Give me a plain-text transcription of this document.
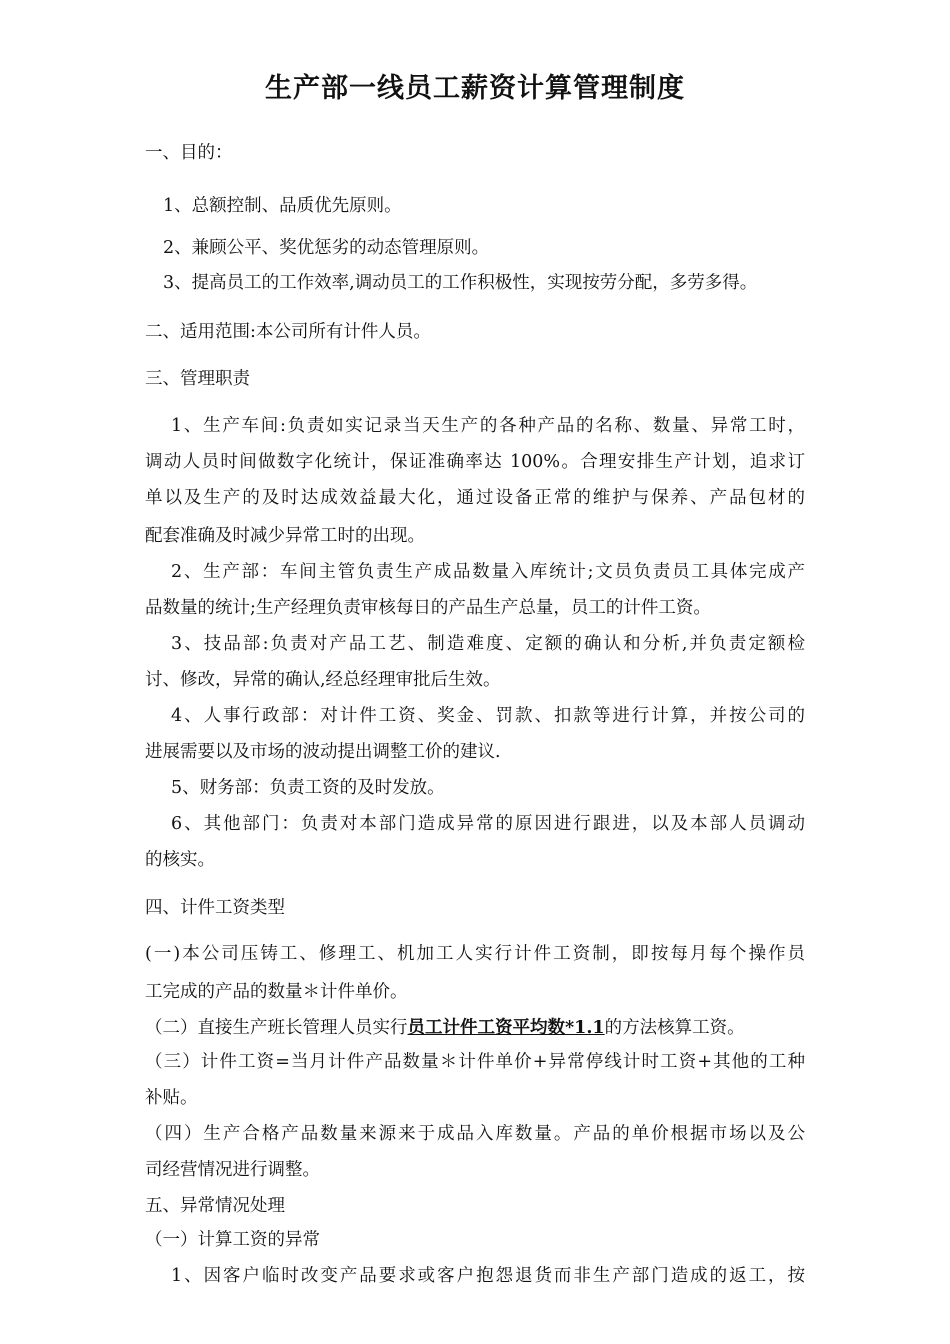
生产部一线员工薪资计算管理制度
一、目的：
1、总额控制、品质优先原则。
2、兼顾公平、奖优惩劣的动态管理原则。
3、提高员工的工作效率,调动员工的工作积极性，实现按劳分配，多劳多得。
二、适用范围:本公司所有计件人员。
三、管理职责
1、生产车间:负责如实记录当天生产的各种产品的名称、数量、异常工时，
调动人员时间做数字化统计，保证准确率达 100%。合理安排生产计划，追求订
单以及生产的及时达成效益最大化，通过设备正常的维护与保养、产品包材的
配套准确及时减少异常工时的出现。
2、生产部：车间主管负责生产成品数量入库统计;文员负责员工具体完成产
品数量的统计;生产经理负责审核每日的产品生产总量，员工的计件工资。
3、技品部:负责对产品工艺、制造难度、定额的确认和分析,并负责定额检
讨、修改，异常的确认,经总经理审批后生效。
4、人事行政部：对计件工资、奖金、罚款、扣款等进行计算，并按公司的
进展需要以及市场的波动提出调整工价的建议.
5、财务部：负责工资的及时发放。
6、其他部门：负责对本部门造成异常的原因进行跟进，以及本部人员调动
的核实。
四、计件工资类型
(一)本公司压铸工、修理工、机加工人实行计件工资制，即按每月每个操作员
工完成的产品的数量＊计件单价。
（二）直接生产班长管理人员实行员工计件工资平均数*1.1的方法核算工资。
（三）计件工资=当月计件产品数量＊计件单价+异常停线计时工资+其他的工种
补贴。
（四）生产合格产品数量来源来于成品入库数量。产品的单价根据市场以及公
司经营情况进行调整。
五、异常情况处理
（一）计算工资的异常
1、因客户临时改变产品要求或客户抱怨退货而非生产部门造成的返工，按
